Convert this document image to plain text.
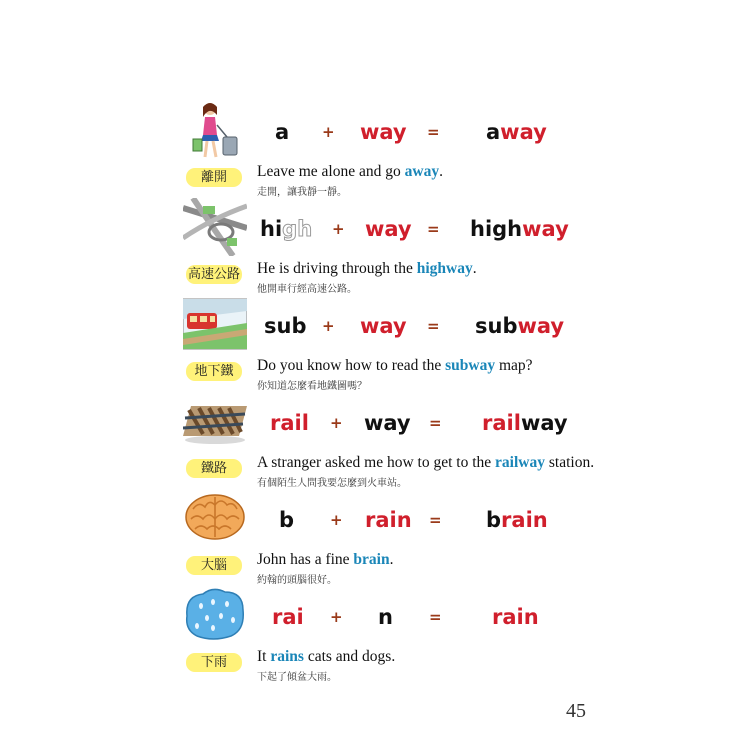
離開
a + way = away
Leave me alone and go away.
走開，讓我靜一靜。
高速公路
high + way = highway
He is driving through the highway.
他開車行經高速公路。
地下鐵
sub + way = subway
Do you know how to read the subway map?
你知道怎麼看地鐵圖嗎？
鐵路
rail + way = railway
A stranger asked me how to get to the railway station.
有個陌生人問我要怎麼到火車站。
大腦
b + rain = brain
John has a fine brain.
約翰的頭腦很好。
下雨
rai + n = rain
It rains cats and dogs.
下起了傾盆大雨。
45
